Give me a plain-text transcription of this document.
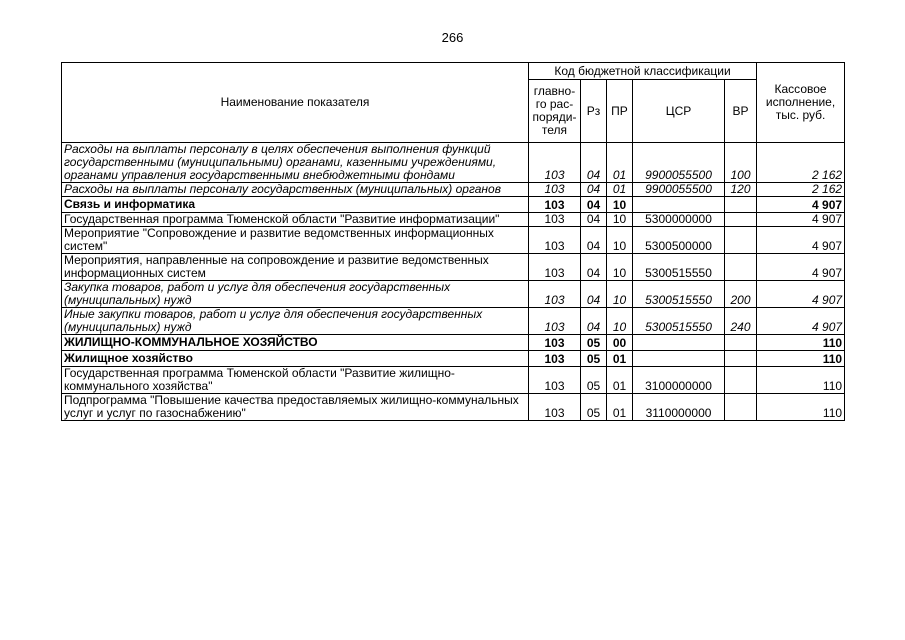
266
Наименование показателя	Код бюджетной классификации					Кассовое исполнение, тыс. руб.
	главно-го рас-поряди-теля	Рз	ПР	ЦСР	ВР	
Расходы на выплаты персоналу в целях обеспечения выполнения функций государственными (муниципальными) органами, казенными учреждениями, органами управления государственными внебюджетными фондами	103	04	01	9900055500	100	2 162
Расходы на выплаты персоналу государственных (муниципальных) органов	103	04	01	9900055500	120	2 162
Связь и информатика	103	04	10			4 907
Государственная программа Тюменской области "Развитие информатизации"	103	04	10	5300000000		4 907
Мероприятие "Сопровождение и развитие ведомственных информационных систем"	103	04	10	5300500000		4 907
Мероприятия, направленные на сопровождение и развитие ведомственных информационных систем	103	04	10	5300515550		4 907
Закупка товаров, работ и услуг для обеспечения государственных (муниципальных) нужд	103	04	10	5300515550	200	4 907
Иные закупки товаров, работ и услуг для обеспечения государственных (муниципальных) нужд	103	04	10	5300515550	240	4 907
ЖИЛИЩНО-КОММУНАЛЬНОЕ ХОЗЯЙСТВО	103	05	00			110
Жилищное хозяйство	103	05	01			110
Государственная программа Тюменской области "Развитие жилищно-коммунального хозяйства"	103	05	01	3100000000		110
Подпрограмма "Повышение качества предоставляемых жилищно-коммунальных услуг и услуг по газоснабжению"	103	05	01	3110000000		110
